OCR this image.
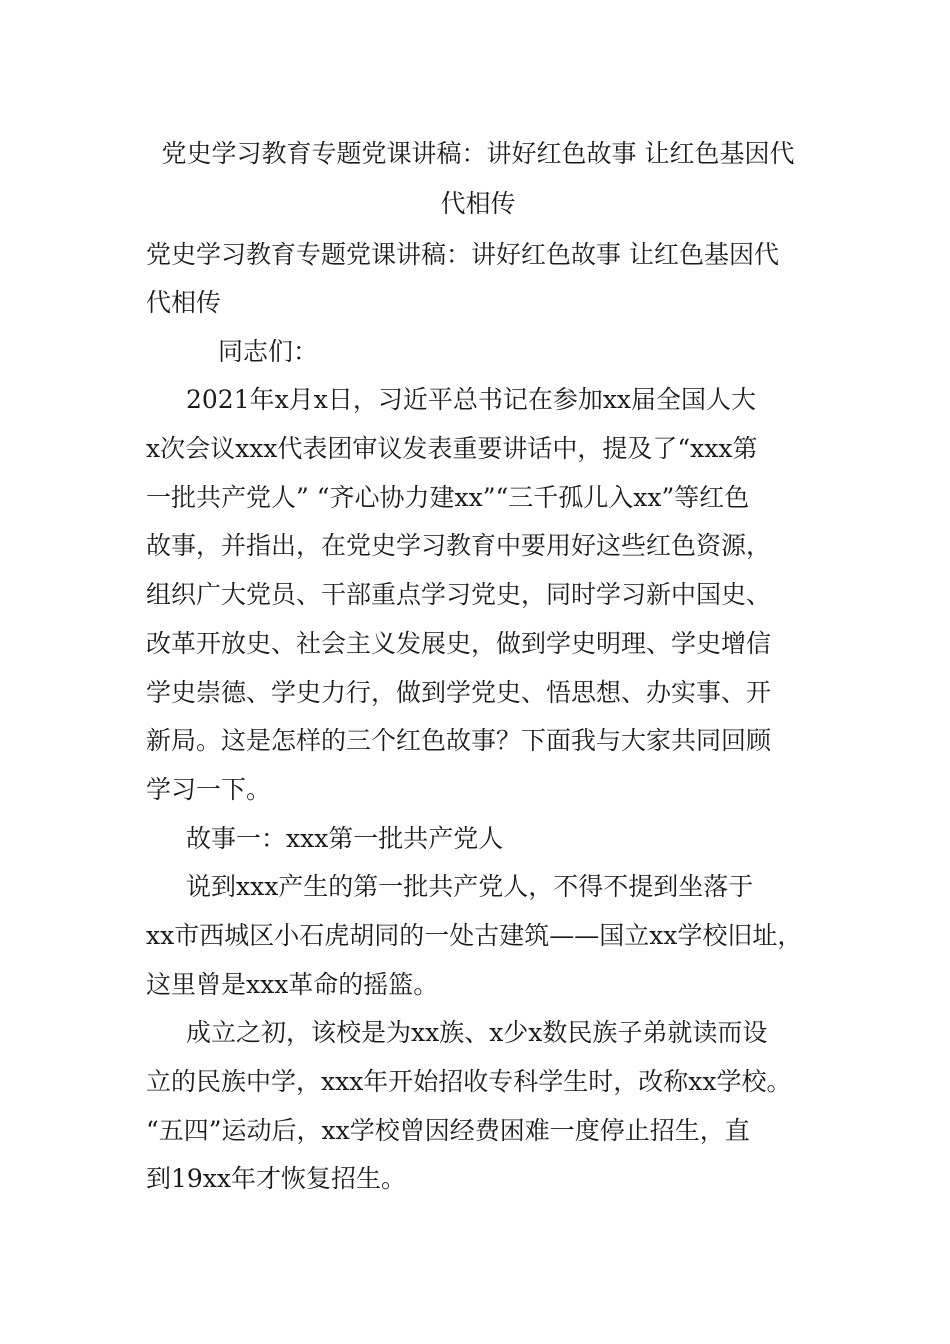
党史学习教育专题党课讲稿：讲好红色故事 让红色基因代
代相传
党史学习教育专题党课讲稿：讲好红色故事 让红色基因代
代相传
同志们：
2021年x月x日，习近平总书记在参加xx届全国人大
x次会议xxx代表团审议发表重要讲话中，提及了“xxx第
一批共产党人” “齐心协力建xx”“三千孤儿入xx”等红色
故事，并指出，在党史学习教育中要用好这些红色资源，
组织广大党员、干部重点学习党史，同时学习新中国史、
改革开放史、社会主义发展史，做到学史明理、学史增信
学史崇德、学史力行，做到学党史、悟思想、办实事、开
新局。这是怎样的三个红色故事？下面我与大家共同回顾
学习一下。
故事一：xxx第一批共产党人
说到xxx产生的第一批共产党人，不得不提到坐落于
xx市西城区小石虎胡同的一处古建筑——国立xx学校旧址，
这里曾是xxx革命的摇篮。
成立之初，该校是为xx族、x少x数民族子弟就读而设
立的民族中学，xxx年开始招收专科学生时，改称xx学校。
“五四”运动后，xx学校曾因经费困难一度停止招生，直
到19xx年才恢复招生。
